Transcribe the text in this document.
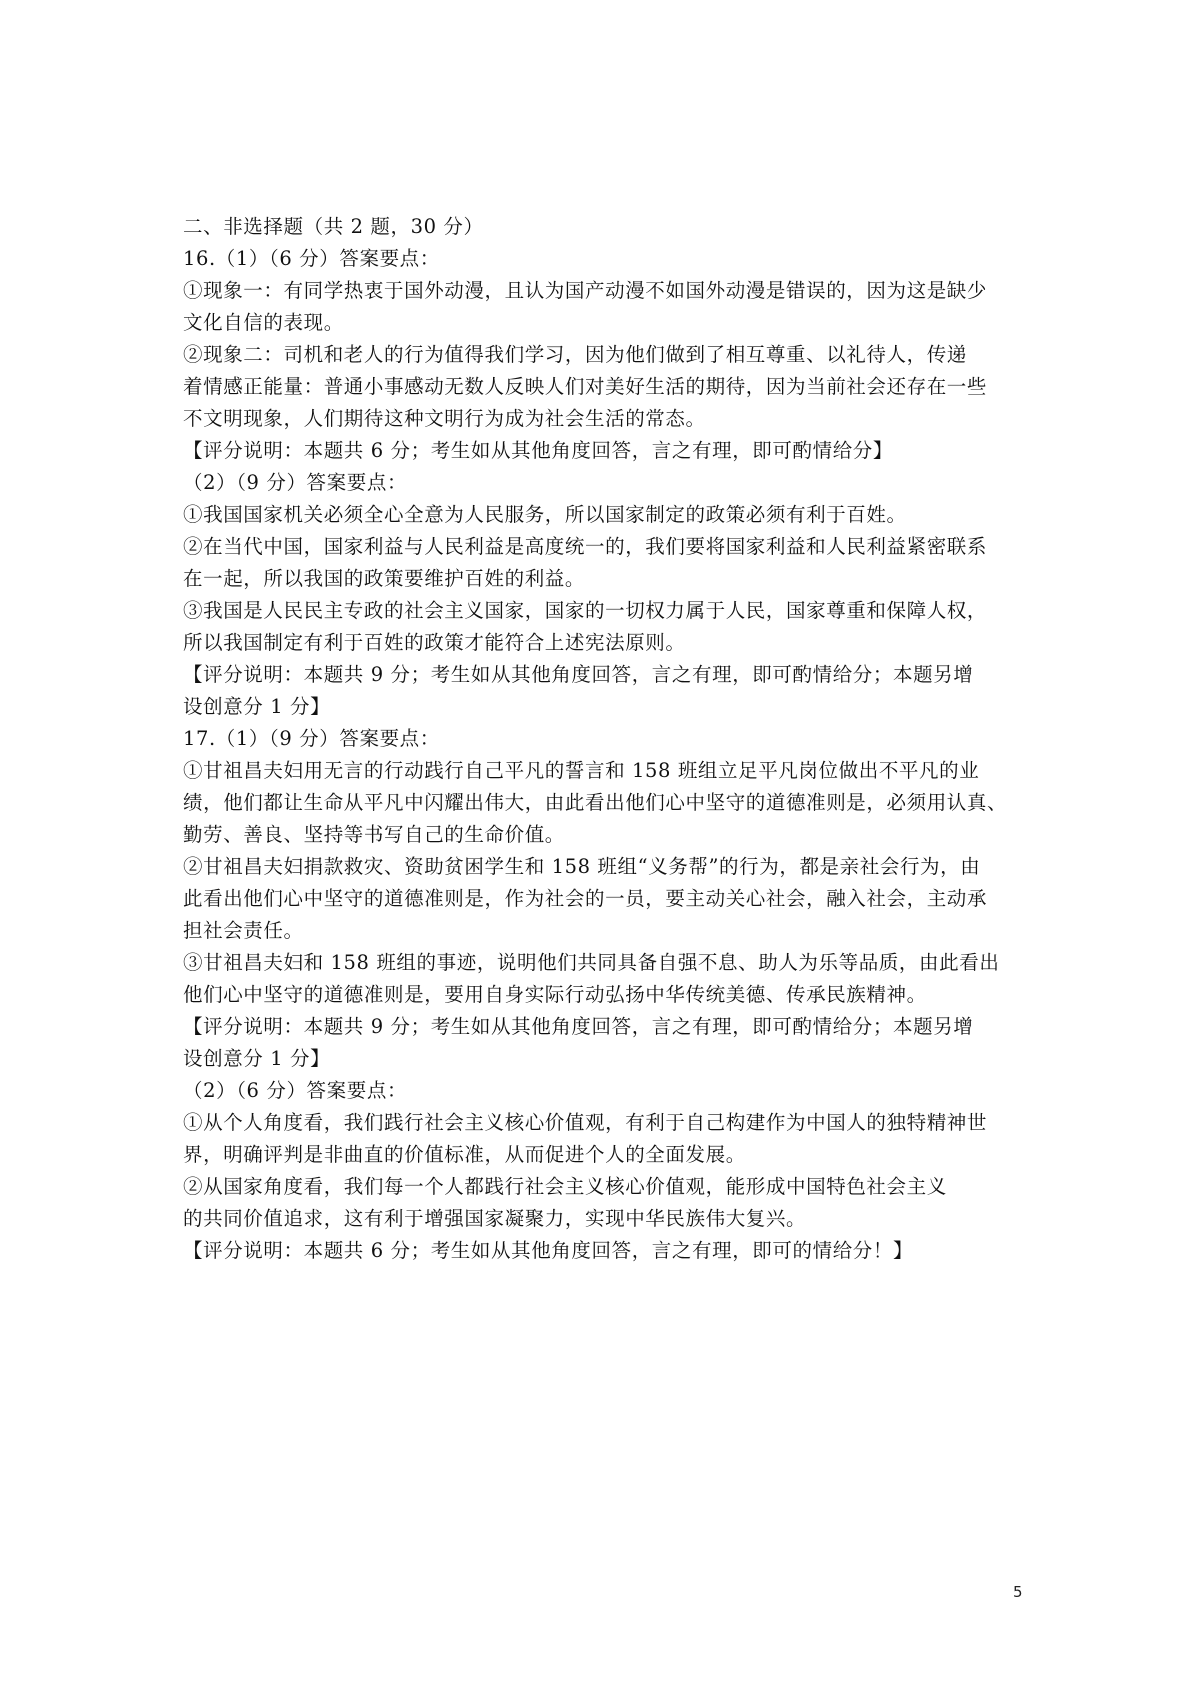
二、非选择题（共 2 题，30 分）
16.（1）（6 分）答案要点：
①现象一：有同学热衷于国外动漫，且认为国产动漫不如国外动漫是错误的，因为这是缺少
文化自信的表现。
②现象二：司机和老人的行为值得我们学习，因为他们做到了相互尊重、以礼待人，传递
着情感正能量：普通小事感动无数人反映人们对美好生活的期待，因为当前社会还存在一些
不文明现象，人们期待这种文明行为成为社会生活的常态。
【评分说明：本题共 6 分；考生如从其他角度回答，言之有理，即可酌情给分】
（2）（9 分）答案要点：
①我国国家机关必须全心全意为人民服务，所以国家制定的政策必须有利于百姓。
②在当代中国，国家利益与人民利益是高度统一的，我们要将国家利益和人民利益紧密联系
在一起，所以我国的政策要维护百姓的利益。
③我国是人民民主专政的社会主义国家，国家的一切权力属于人民，国家尊重和保障人权，
所以我国制定有利于百姓的政策才能符合上述宪法原则。
【评分说明：本题共 9 分；考生如从其他角度回答，言之有理，即可酌情给分；本题另增
设创意分 1 分】
17.（1）（9 分）答案要点：
①甘祖昌夫妇用无言的行动践行自己平凡的誓言和 158 班组立足平凡岗位做出不平凡的业
绩，他们都让生命从平凡中闪耀出伟大，由此看出他们心中坚守的道德准则是，必须用认真、
勤劳、善良、坚持等书写自己的生命价值。
②甘祖昌夫妇捐款救灾、资助贫困学生和 158 班组“义务帮”的行为，都是亲社会行为，由
此看出他们心中坚守的道德准则是，作为社会的一员，要主动关心社会，融入社会，主动承
担社会责任。
③甘祖昌夫妇和 158 班组的事迹，说明他们共同具备自强不息、助人为乐等品质，由此看出
他们心中坚守的道德准则是，要用自身实际行动弘扬中华传统美德、传承民族精神。
【评分说明：本题共 9 分；考生如从其他角度回答，言之有理，即可酌情给分；本题另增
设创意分 1 分】
（2）（6 分）答案要点：
①从个人角度看，我们践行社会主义核心价值观，有利于自己构建作为中国人的独特精神世
界，明确评判是非曲直的价值标准，从而促进个人的全面发展。
②从国家角度看，我们每一个人都践行社会主义核心价值观，能形成中国特色社会主义
的共同价值追求，这有利于增强国家凝聚力，实现中华民族伟大复兴。
【评分说明：本题共 6 分；考生如从其他角度回答，言之有理，即可的情给分！】
5
